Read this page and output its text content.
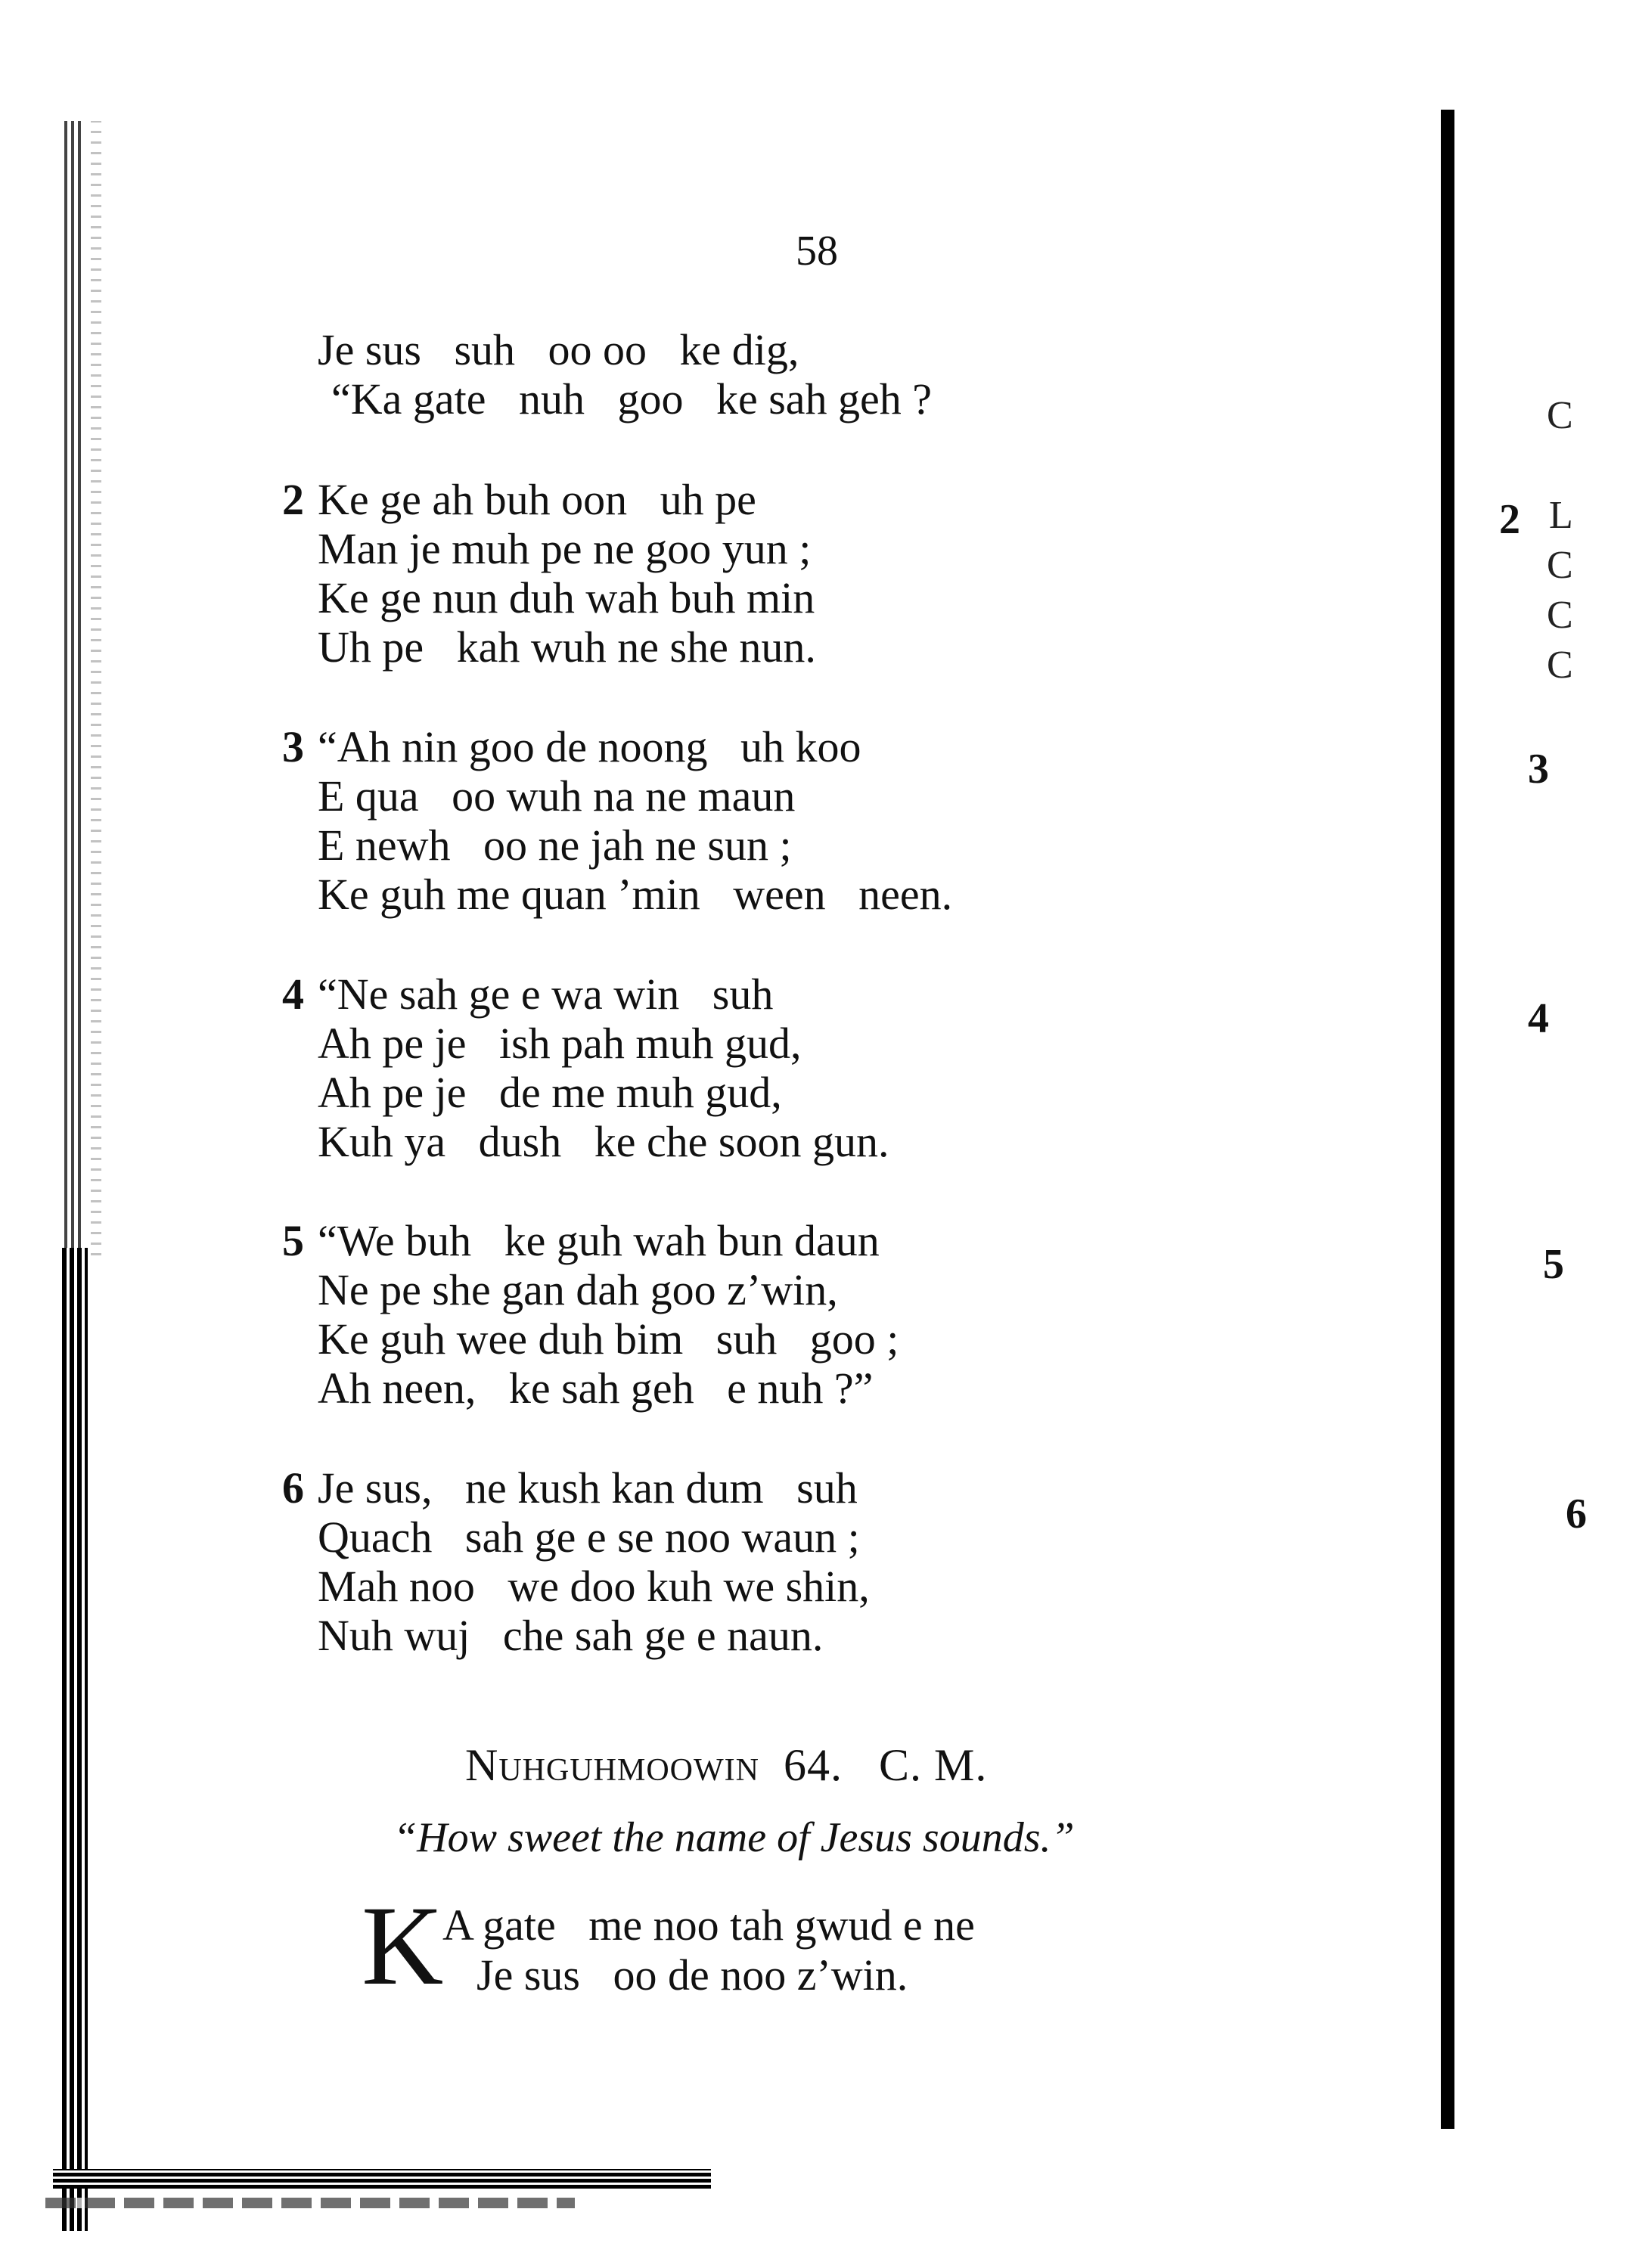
58
Je sus   suh   oo oo   ke dig,
“Ka gate   nuh   goo   ke sah geh ?
2 Ke ge ah buh oon   uh pe
Man je muh pe ne goo yun ;
Ke ge nun duh wah buh min
Uh pe   kah wuh ne she nun.
3 “Ah nin goo de noong   uh koo
E qua   oo wuh na ne maun
E newh   oo ne jah ne sun ;
Ke guh me quan ’min   ween   neen.
4 “Ne sah ge e wa win   suh
Ah pe je   ish pah muh gud,
Ah pe je   de me muh gud,
Kuh ya   dush   ke che soon gun.
5 “We buh   ke guh wah bun daun
Ne pe she gan dah goo z’win,
Ke guh wee duh bim   suh   goo ;
Ah neen,   ke sah geh   e nuh ?”
6 Je sus,   ne kush kan dum   suh
Quach   sah ge e se noo waun ;
Mah noo   we doo kuh we shin,
Nuh wuj   che sah ge e naun.
Nuhguhmoowin 64. C. M.
“How sweet the name of Jesus sounds.”
K
A gate   me noo tah gwud e ne
Je sus   oo de noo z’win.
C
2 L
C
C
C
3
4
5
6
